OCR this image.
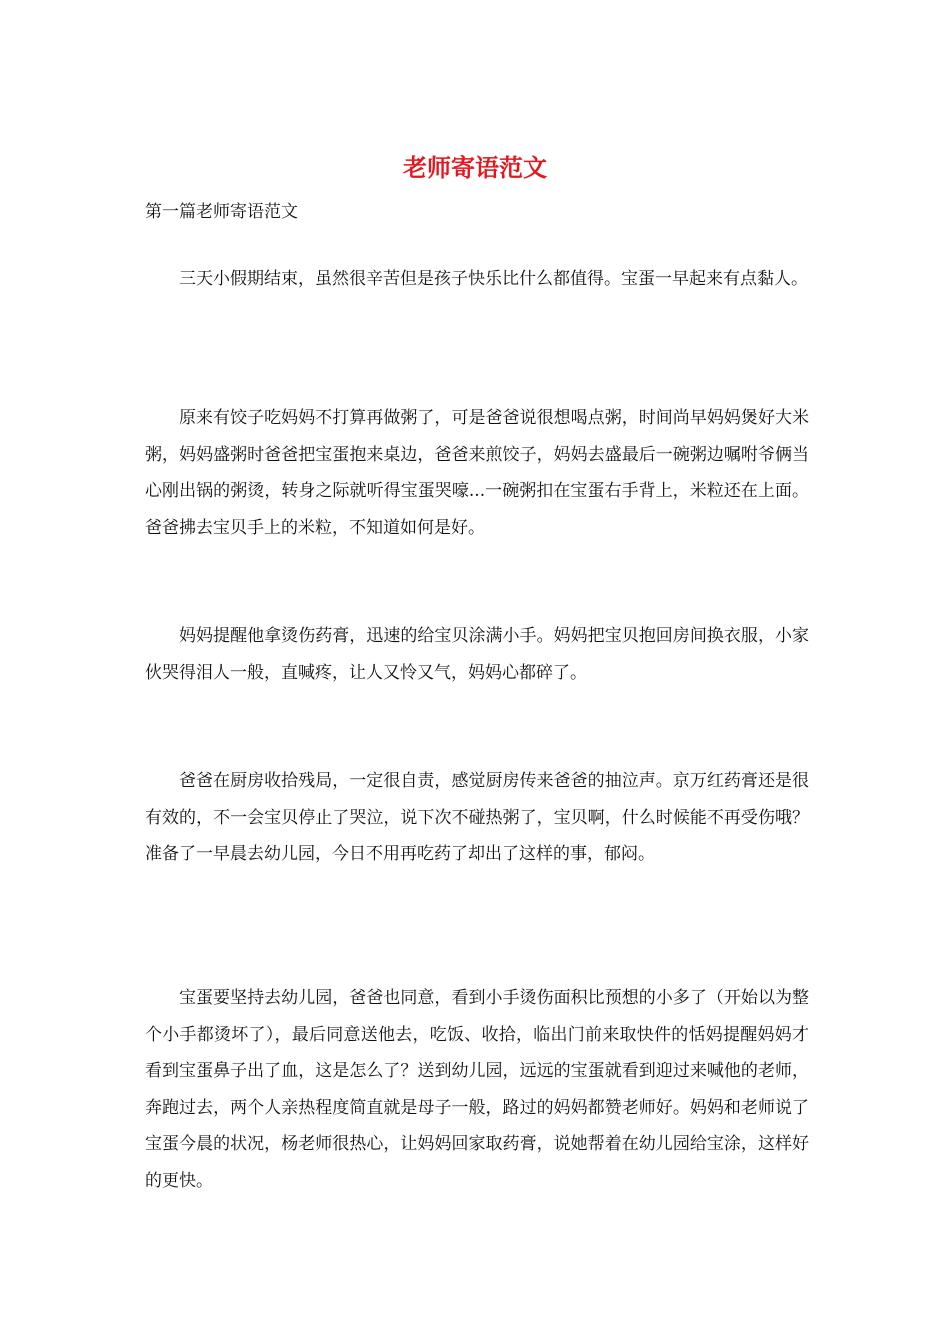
老师寄语范文
第一篇老师寄语范文

三天小假期结束，虽然很辛苦但是孩子快乐比什么都值得。宝蛋一早起来有点黏人。

原来有饺子吃妈妈不打算再做粥了，可是爸爸说很想喝点粥，时间尚早妈妈煲好大米粥，妈妈盛粥时爸爸把宝蛋抱来桌边，爸爸来煎饺子，妈妈去盛最后一碗粥边嘱咐爷俩当心刚出锅的粥烫，转身之际就听得宝蛋哭嚎...一碗粥扣在宝蛋右手背上，米粒还在上面。爸爸拂去宝贝手上的米粒，不知道如何是好。

妈妈提醒他拿烫伤药膏，迅速的给宝贝涂满小手。妈妈把宝贝抱回房间换衣服，小家伙哭得泪人一般，直喊疼，让人又怜又气，妈妈心都碎了。

爸爸在厨房收拾残局，一定很自责，感觉厨房传来爸爸的抽泣声。京万红药膏还是很有效的，不一会宝贝停止了哭泣，说下次不碰热粥了，宝贝啊，什么时候能不再受伤哦？准备了一早晨去幼儿园，今日不用再吃药了却出了这样的事，郁闷。

宝蛋要坚持去幼儿园，爸爸也同意，看到小手烫伤面积比预想的小多了（开始以为整个小手都烫坏了），最后同意送他去，吃饭、收拾，临出门前来取快件的恬妈提醒妈妈才看到宝蛋鼻子出了血，这是怎么了？送到幼儿园，远远的宝蛋就看到迎过来喊他的老师，奔跑过去，两个人亲热程度简直就是母子一般，路过的妈妈都赞老师好。妈妈和老师说了宝蛋今晨的状况，杨老师很热心，让妈妈回家取药膏，说她帮着在幼儿园给宝涂，这样好的更快。
